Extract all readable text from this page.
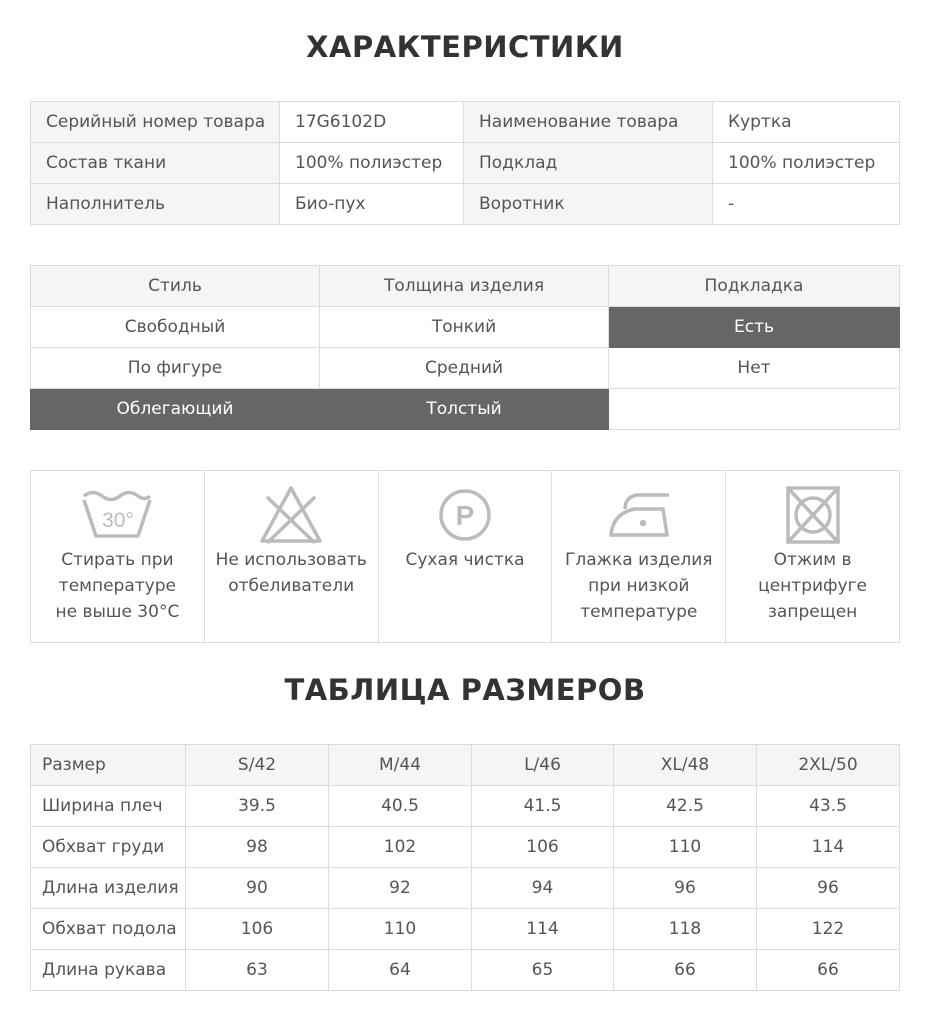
ХАРАКТЕРИСТИКИ
Серийный номер товара	17G6102D	Наименование товара	Куртка
Состав ткани	100% полиэстер	Подклад	100% полиэстер
Наполнитель	Био-пух	Воротник	-
Стиль	Толщина изделия	Подкладка
Свободный	Тонкий	Есть
По фигуре	Средний	Нет
Облегающий	Толстый	
30°
Стирать при
температуре
не выше 30°C
Не использовать
отбеливатели
P
Сухая чистка	Глажка изделия
при низкой
температуре
Отжим в
центрифуге
запрещен
ТАБЛИЦА РАЗМЕРОВ
Размер	S/42	M/44	L/46	XL/48	2XL/50
Ширина плеч	39.5	40.5	41.5	42.5	43.5
Обхват груди	98	102	106	110	114
Длина изделия	90	92	94	96	96
Обхват подола	106	110	114	118	122
Длина рукава	63	64	65	66	66
